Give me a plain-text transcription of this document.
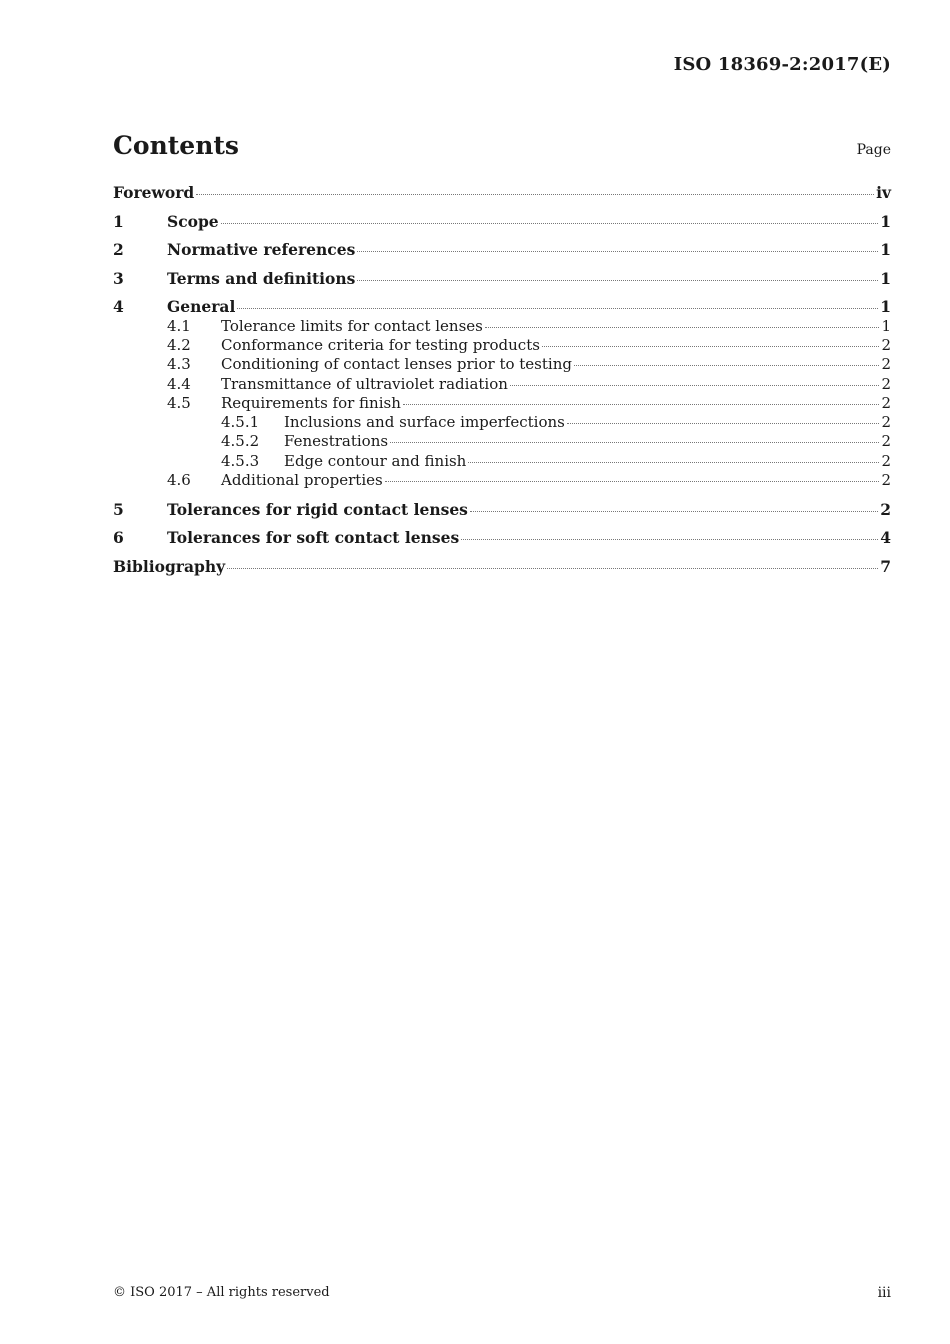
ISO 18369-2:2017(E)
Contents	Page
Foreword	iv
1	Scope	1
2	Normative references	1
3	Terms and definitions	1
4	General	1
4.1	Tolerance limits for contact lenses	1
4.2	Conformance criteria for testing products	2
4.3	Conditioning of contact lenses prior to testing	2
4.4	Transmittance of ultraviolet radiation	2
4.5	Requirements for finish	2
4.5.1	Inclusions and surface imperfections	2
4.5.2	Fenestrations	2
4.5.3	Edge contour and finish	2
4.6	Additional properties	2
5	Tolerances for rigid contact lenses	2
6	Tolerances for soft contact lenses	4
Bibliography	7
© ISO 2017 – All rights reserved	iii
